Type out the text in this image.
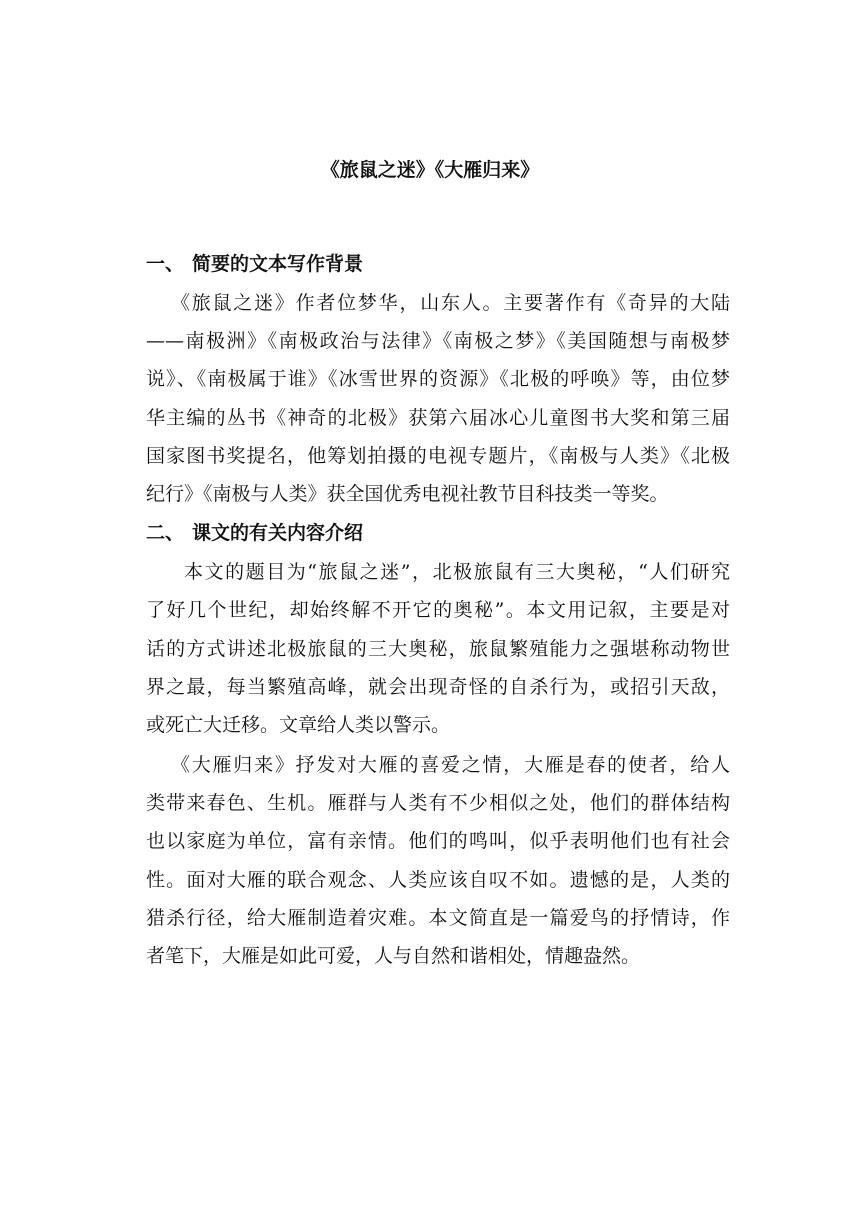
《旅鼠之迷》《大雁归来》
一、 简要的文本写作背景
《旅鼠之迷》作者位梦华，山东人。主要著作有《奇异的大陆
——南极洲》《南极政治与法律》《南极之梦》《美国随想与南极梦
说》、《南极属于谁》《冰雪世界的资源》《北极的呼唤》等，由位梦
华主编的丛书《神奇的北极》获第六届冰心儿童图书大奖和第三届
国家图书奖提名，他筹划拍摄的电视专题片，《南极与人类》《北极
纪行》《南极与人类》获全国优秀电视社教节目科技类一等奖。
二、 课文的有关内容介绍
本文的题目为“旅鼠之迷”，北极旅鼠有三大奥秘，“人们研究
了好几个世纪，却始终解不开它的奥秘”。本文用记叙，主要是对
话的方式讲述北极旅鼠的三大奥秘，旅鼠繁殖能力之强堪称动物世
界之最，每当繁殖高峰，就会出现奇怪的自杀行为，或招引天敌，
或死亡大迁移。文章给人类以警示。
《大雁归来》抒发对大雁的喜爱之情，大雁是春的使者，给人
类带来春色、生机。雁群与人类有不少相似之处，他们的群体结构
也以家庭为单位，富有亲情。他们的鸣叫，似乎表明他们也有社会
性。面对大雁的联合观念、人类应该自叹不如。遗憾的是，人类的
猎杀行径，给大雁制造着灾难。本文简直是一篇爱鸟的抒情诗，作
者笔下，大雁是如此可爱，人与自然和谐相处，情趣盎然。
